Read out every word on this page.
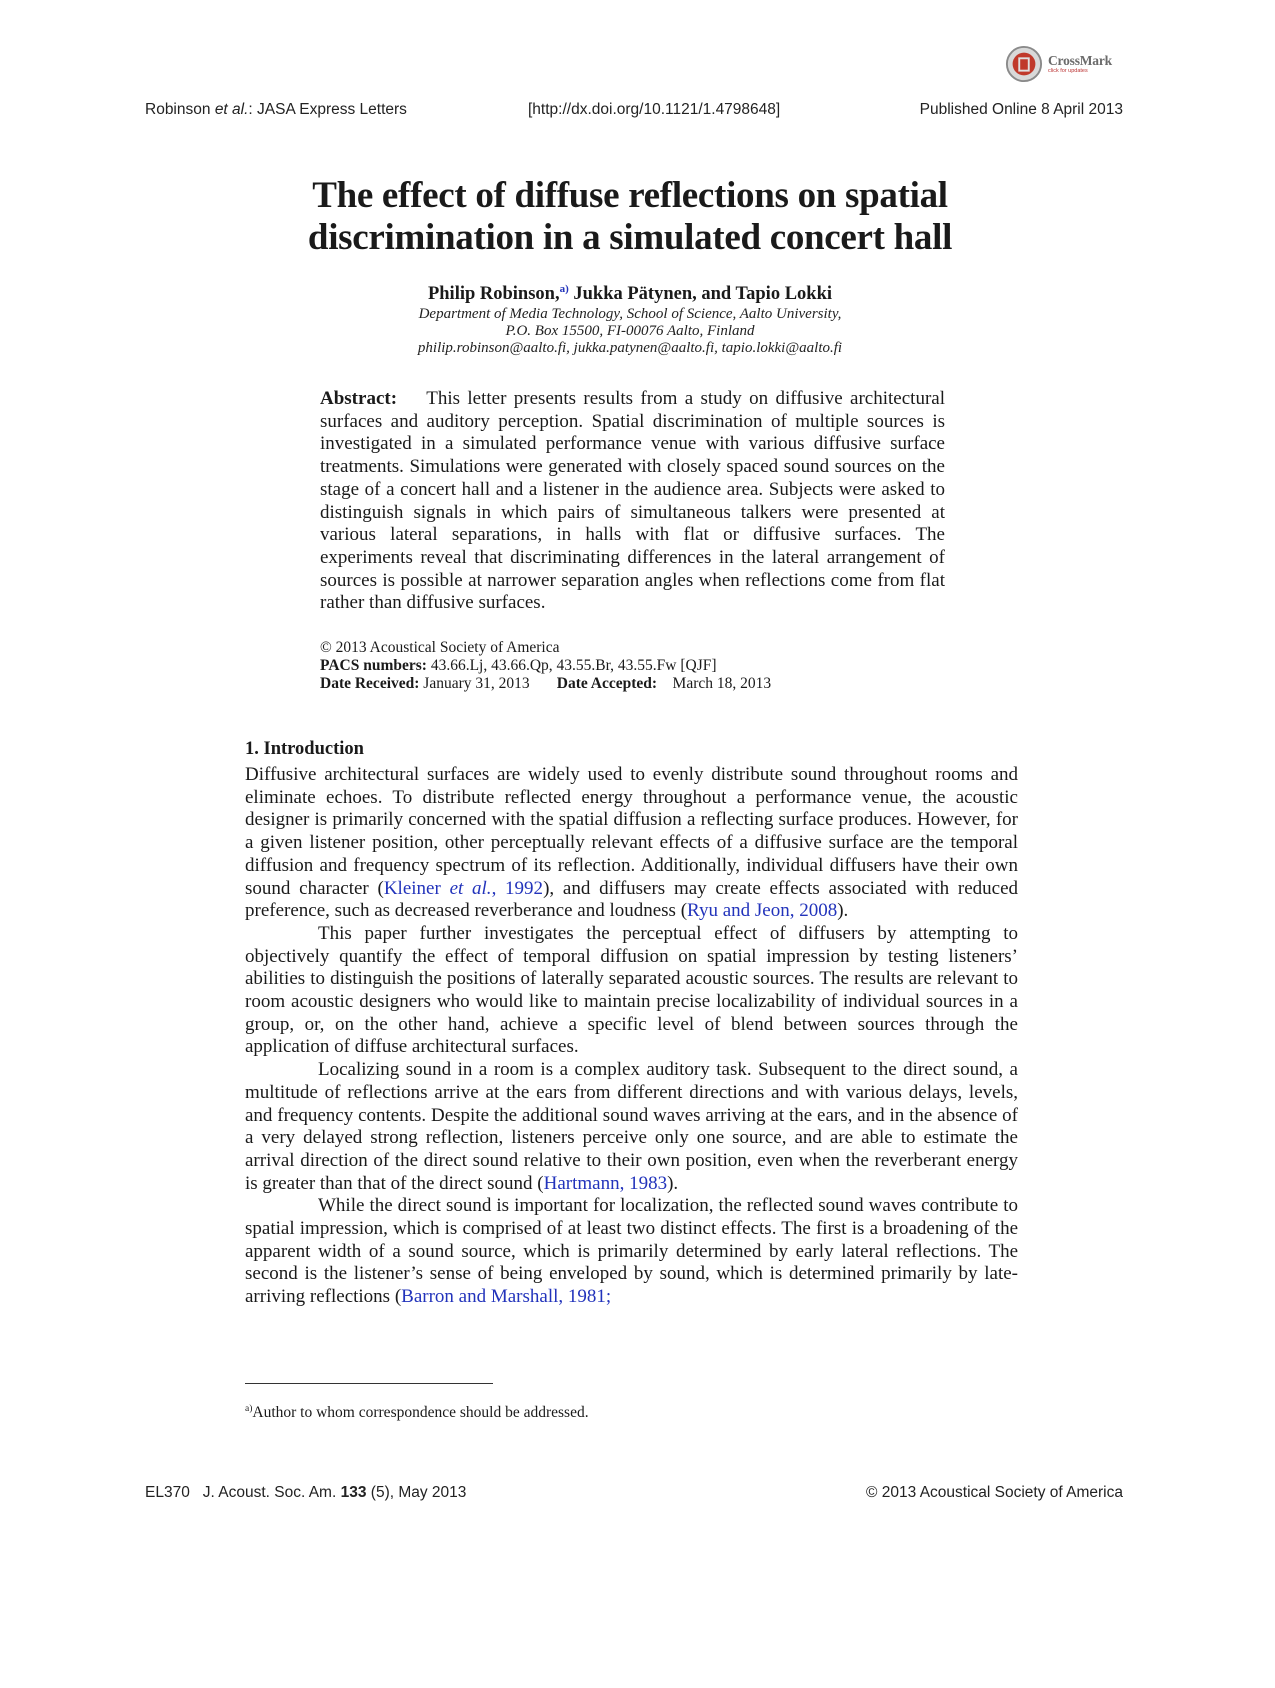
Robinson et al.: JASA Express Letters	[http://dx.doi.org/10.1121/1.4798648]	Published Online 8 April 2013
CrossMark
click for updates
The effect of diffuse reflections on spatial
discrimination in a simulated concert hall
Philip Robinson,$^{a)}$ Jukka Pätynen, and Tapio Lokki
Department of Media Technology, School of Science, Aalto University,
P.O. Box 15500, FI-00076 Aalto, Finland
philip.robinson@aalto.fi, jukka.patynen@aalto.fi, tapio.lokki@aalto.fi
Abstract: This letter presents results from a study on diffusive architectural surfaces and auditory perception. Spatial discrimination of multiple sources is investigated in a simulated performance venue with various diffusive surface treatments. Simulations were generated with closely spaced sound sources on the stage of a concert hall and a listener in the audience area. Subjects were asked to distinguish signals in which pairs of simultaneous talkers were presented at various lateral separations, in halls with flat or diffusive surfaces. The experiments reveal that discriminating differences in the lateral arrangement of sources is possible at narrower separation angles when reflections come from flat rather than diffusive surfaces.
© 2013 Acoustical Society of America
PACS numbers: 43.66.Lj, 43.66.Qp, 43.55.Br, 43.55.Fw [QJF]
Date Received: January 31, 2013 Date Accepted: March 18, 2013
1. Introduction

Diffusive architectural surfaces are widely used to evenly distribute sound throughout rooms and eliminate echoes. To distribute reflected energy throughout a performance venue, the acoustic designer is primarily concerned with the spatial diffusion a reflecting surface produces. However, for a given listener position, other perceptually relevant effects of a diffusive surface are the temporal diffusion and frequency spectrum of its reflection. Additionally, individual diffusers have their own sound character (Kleiner et al., 1992), and diffusers may create effects associated with reduced preference, such as decreased reverberance and loudness (Ryu and Jeon, 2008).

This paper further investigates the perceptual effect of diffusers by attempting to objectively quantify the effect of temporal diffusion on spatial impression by testing listeners’ abilities to distinguish the positions of laterally separated acoustic sources. The results are relevant to room acoustic designers who would like to maintain precise localizability of individual sources in a group, or, on the other hand, achieve a specific level of blend between sources through the application of diffuse architectural surfaces.

Localizing sound in a room is a complex auditory task. Subsequent to the direct sound, a multitude of reflections arrive at the ears from different directions and with various delays, levels, and frequency contents. Despite the additional sound waves arriving at the ears, and in the absence of a very delayed strong reflection, listeners perceive only one source, and are able to estimate the arrival direction of the direct sound relative to their own position, even when the reverberant energy is greater than that of the direct sound (Hartmann, 1983).

While the direct sound is important for localization, the reflected sound waves contribute to spatial impression, which is comprised of at least two distinct effects. The first is a broadening of the apparent width of a sound source, which is primarily determined by early lateral reflections. The second is the listener’s sense of being enveloped by sound, which is determined primarily by late-arriving reflections (Barron and Marshall, 1981;

$^{a)}$Author to whom correspondence should be addressed.
EL370 J. Acoust. Soc. Am. 133 (5), May 2013	© 2013 Acoustical Society of America
